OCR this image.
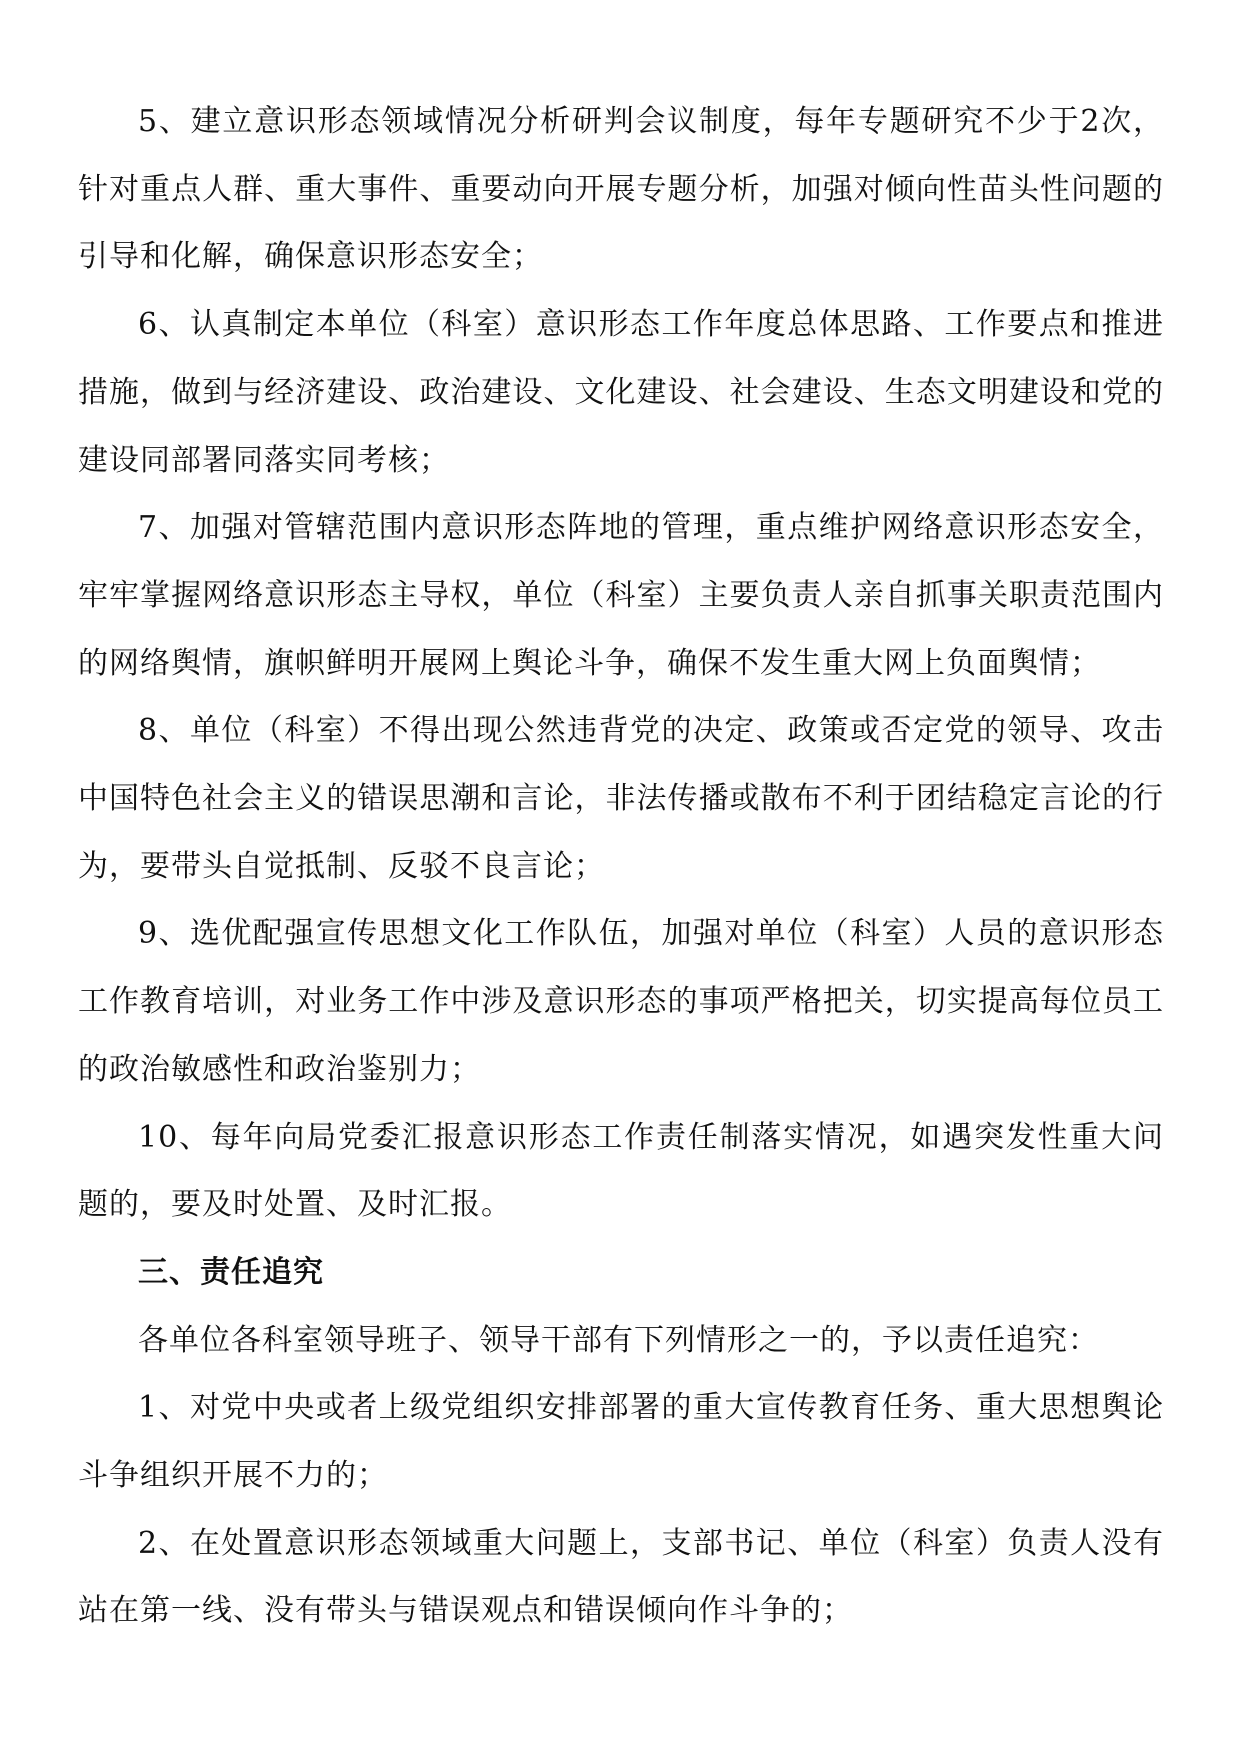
5、建立意识形态领域情况分析研判会议制度，每年专题研究不少于2次，针对重点人群、重大事件、重要动向开展专题分析，加强对倾向性苗头性问题的引导和化解，确保意识形态安全；

6、认真制定本单位（科室）意识形态工作年度总体思路、工作要点和推进措施，做到与经济建设、政治建设、文化建设、社会建设、生态文明建设和党的建设同部署同落实同考核；

7、加强对管辖范围内意识形态阵地的管理，重点维护网络意识形态安全，牢牢掌握网络意识形态主导权，单位（科室）主要负责人亲自抓事关职责范围内的网络舆情，旗帜鲜明开展网上舆论斗争，确保不发生重大网上负面舆情；

8、单位（科室）不得出现公然违背党的决定、政策或否定党的领导、攻击中国特色社会主义的错误思潮和言论，非法传播或散布不利于团结稳定言论的行为，要带头自觉抵制、反驳不良言论；

9、选优配强宣传思想文化工作队伍，加强对单位（科室）人员的意识形态工作教育培训，对业务工作中涉及意识形态的事项严格把关，切实提高每位员工的政治敏感性和政治鉴别力；

10、每年向局党委汇报意识形态工作责任制落实情况，如遇突发性重大问题的，要及时处置、及时汇报。

三、责任追究

各单位各科室领导班子、领导干部有下列情形之一的，予以责任追究：

1、对党中央或者上级党组织安排部署的重大宣传教育任务、重大思想舆论斗争组织开展不力的；

2、在处置意识形态领域重大问题上，支部书记、单位（科室）负责人没有站在第一线、没有带头与错误观点和错误倾向作斗争的；
